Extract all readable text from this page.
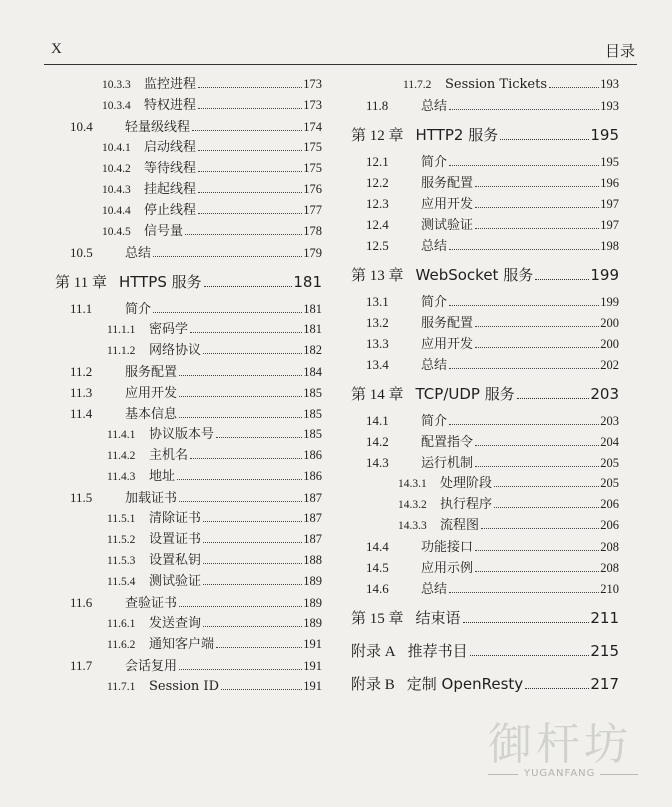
X	目录
10.3.3	监控进程	173
10.3.4	特权进程	173
10.4	轻量级线程	174
10.4.1	启动线程	175
10.4.2	等待线程	175
10.4.3	挂起线程	176
10.4.4	停止线程	177
10.4.5	信号量	178
10.5	总结	179
第 11 章 HTTPS 服务	181
11.1	简介	181
11.1.1	密码学	181
11.1.2	网络协议	182
11.2	服务配置	184
11.3	应用开发	185
11.4	基本信息	185
11.4.1	协议版本号	185
11.4.2	主机名	186
11.4.3	地址	186
11.5	加载证书	187
11.5.1	清除证书	187
11.5.2	设置证书	187
11.5.3	设置私钥	188
11.5.4	测试验证	189
11.6	查验证书	189
11.6.1	发送查询	189
11.6.2	通知客户端	191
11.7	会话复用	191
11.7.1	Session ID	191
11.7.2	Session Tickets	193
11.8	总结	193
第 12 章 HTTP2 服务	195
12.1	简介	195
12.2	服务配置	196
12.3	应用开发	197
12.4	测试验证	197
12.5	总结	198
第 13 章 WebSocket 服务	199
13.1	简介	199
13.2	服务配置	200
13.3	应用开发	200
13.4	总结	202
第 14 章 TCP/UDP 服务	203
14.1	简介	203
14.2	配置指令	204
14.3	运行机制	205
14.3.1	处理阶段	205
14.3.2	执行程序	206
14.3.3	流程图	206
14.4	功能接口	208
14.5	应用示例	208
14.6	总结	210
第 15 章 结束语	211
附录 A 推荐书目	215
附录 B 定制 OpenResty	217
御杆坊
YUGANFANG
